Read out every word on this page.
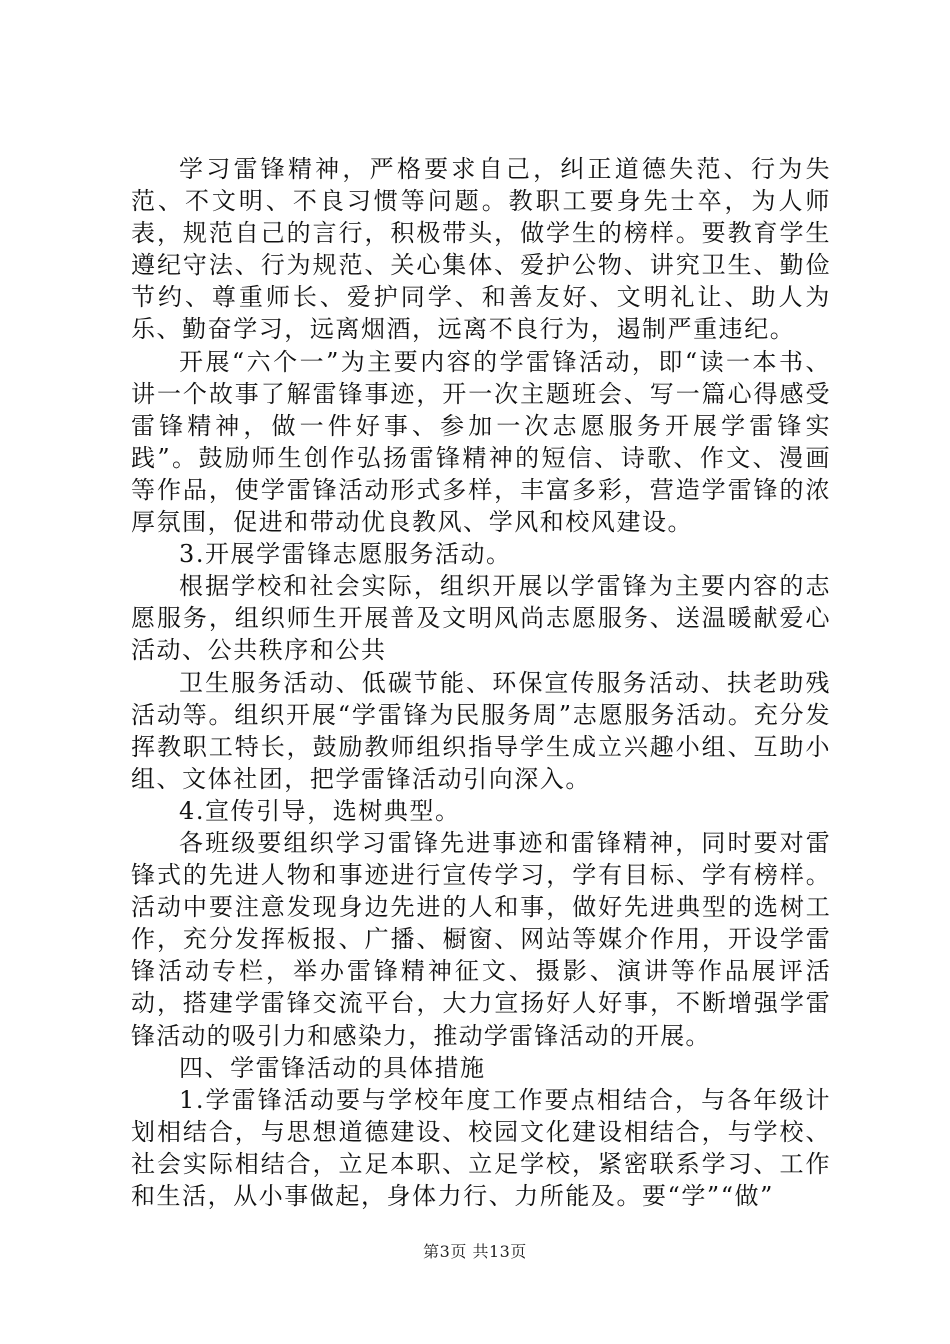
学习雷锋精神，严格要求自己，纠正道德失范、行为失范、不文明、不良习惯等问题。教职工要身先士卒，为人师表，规范自己的言行，积极带头，做学生的榜样。要教育学生遵纪守法、行为规范、关心集体、爱护公物、讲究卫生、勤俭节约、尊重师长、爱护同学、和善友好、文明礼让、助人为乐、勤奋学习，远离烟酒，远离不良行为，遏制严重违纪。

开展“六个一”为主要内容的学雷锋活动，即“读一本书、讲一个故事了解雷锋事迹，开一次主题班会、写一篇心得感受雷锋精神，做一件好事、参加一次志愿服务开展学雷锋实践”。鼓励师生创作弘扬雷锋精神的短信、诗歌、作文、漫画等作品，使学雷锋活动形式多样，丰富多彩，营造学雷锋的浓厚氛围，促进和带动优良教风、学风和校风建设。

3.开展学雷锋志愿服务活动。

根据学校和社会实际，组织开展以学雷锋为主要内容的志愿服务，组织师生开展普及文明风尚志愿服务、送温暖献爱心活动、公共秩序和公共

卫生服务活动、低碳节能、环保宣传服务活动、扶老助残活动等。组织开展“学雷锋为民服务周”志愿服务活动。充分发挥教职工特长，鼓励教师组织指导学生成立兴趣小组、互助小组、文体社团，把学雷锋活动引向深入。

4.宣传引导，选树典型。

各班级要组织学习雷锋先进事迹和雷锋精神，同时要对雷锋式的先进人物和事迹进行宣传学习，学有目标、学有榜样。活动中要注意发现身边先进的人和事，做好先进典型的选树工作，充分发挥板报、广播、橱窗、网站等媒介作用，开设学雷锋活动专栏，举办雷锋精神征文、摄影、演讲等作品展评活动，搭建学雷锋交流平台，大力宣扬好人好事，不断增强学雷锋活动的吸引力和感染力，推动学雷锋活动的开展。

四、学雷锋活动的具体措施

1.学雷锋活动要与学校年度工作要点相结合，与各年级计划相结合，与思想道德建设、校园文化建设相结合，与学校、社会实际相结合，立足本职、立足学校，紧密联系学习、工作和生活，从小事做起，身体力行、力所能及。要“学”“做”

第3页 共13页
